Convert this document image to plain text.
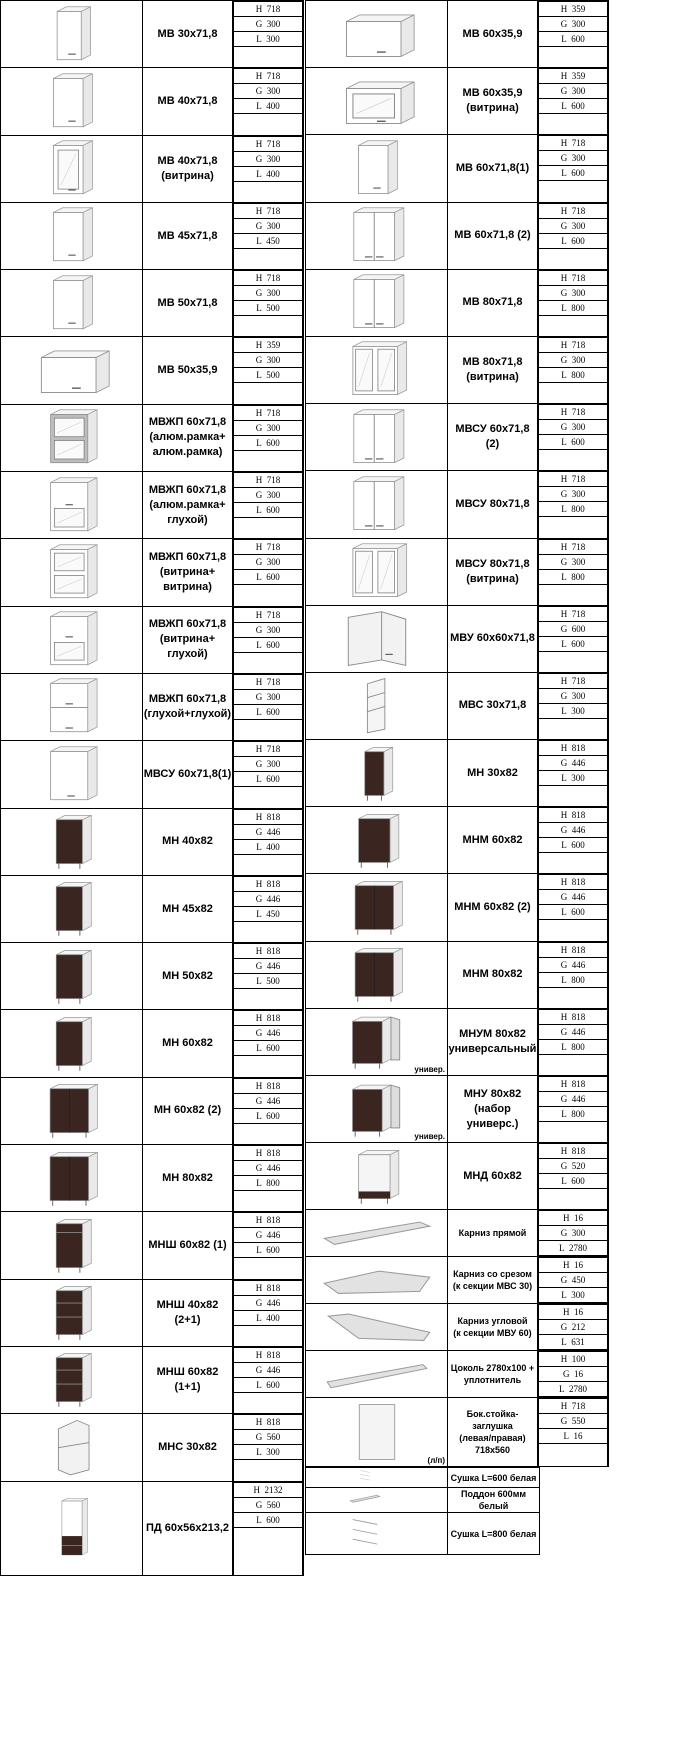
	МВ 30х71,8	
H  718
G  300
L  300

	МВ 40х71,8	
H  718
G  300
L  400

	МВ 40х71,8
(витрина)	
H  718
G  300
L  400

	МВ 45х71,8	
H  718
G  300
L  450

	МВ 50х71,8	
H  718
G  300
L  500

	МВ 50х35,9	
H  359
G  300
L  500

	МВЖП 60х71,8
(алюм.рамка+
алюм.рамка)	
H  718
G  300
L  600

	МВЖП 60х71,8
(алюм.рамка+
глухой)	
H  718
G  300
L  600

	МВЖП 60х71,8
(витрина+
витрина)	
H  718
G  300
L  600

	МВЖП 60х71,8
(витрина+
глухой)	
H  718
G  300
L  600

	МВЖП 60х71,8
(глухой+глухой)	
H  718
G  300
L  600

	МВСУ 60х71,8(1)	
H  718
G  300
L  600

	МН 40х82	
H  818
G  446
L  400

	МН 45х82	
H  818
G  446
L  450

	МН 50х82	
H  818
G  446
L  500

	МН 60х82	
H  818
G  446
L  600

	МН 60х82 (2)	
H  818
G  446
L  600

	МН 80х82	
H  818
G  446
L  800

	МНШ 60х82 (1)	
H  818
G  446
L  600

	МНШ 40х82 (2+1)	
H  818
G  446
L  400

	МНШ 60х82 (1+1)	
H  818
G  446
L  600

	МНС 30х82	
H  818
G  560
L  300

	ПД 60х56х213,2	
H  2132
G  560
L  600

	МВ 60х35,9	
H  359
G  300
L  600

	МВ 60х35,9
(витрина)	
H  359
G  300
L  600

	МВ 60х71,8(1)	
H  718
G  300
L  600

	МВ 60х71,8 (2)	
H  718
G  300
L  600

	МВ 80х71,8	
H  718
G  300
L  800

	МВ 80х71,8
(витрина)	
H  718
G  300
L  800

	МВСУ 60х71,8 (2)	
H  718
G  300
L  600

	МВСУ 80х71,8	
H  718
G  300
L  800

	МВСУ 80х71,8
(витрина)	
H  718
G  300
L  800

	МВУ 60х60х71,8	
H  718
G  600
L  600

	МВС 30х71,8	
H  718
G  300
L  300

	МН 30х82	
H  818
G  446
L  300

	МНМ 60х82	
H  818
G  446
L  600

	МНМ 60х82 (2)	
H  818
G  446
L  600

	МНМ 80х82	
H  818
G  446
L  800

универ.
	МНУМ 80х82
универсальный	
H  818
G  446
L  800

универ.
	МНУ 80х82
(набор универс.)	
H  818
G  446
L  800

	МНД 60х82	
H  818
G  520
L  600

	Карниз прямой	
H  16
G  300
L  2780

	Карниз со срезом
(к секции МВС 30)	
H  16
G  450
L  300

	Карниз угловой
(к секции МВУ 60)	
H  16
G  212
L  631

	Цоколь 2780х100 +
уплотнитель	
H  100
G  16
L  2780

(л/п)
	Бок.стойка-заглушка
(левая/правая)
718х560	
H  718
G  550
L  16

	Сушка L=600 белая
	Поддон 600мм белый
	Сушка L=800 белая
